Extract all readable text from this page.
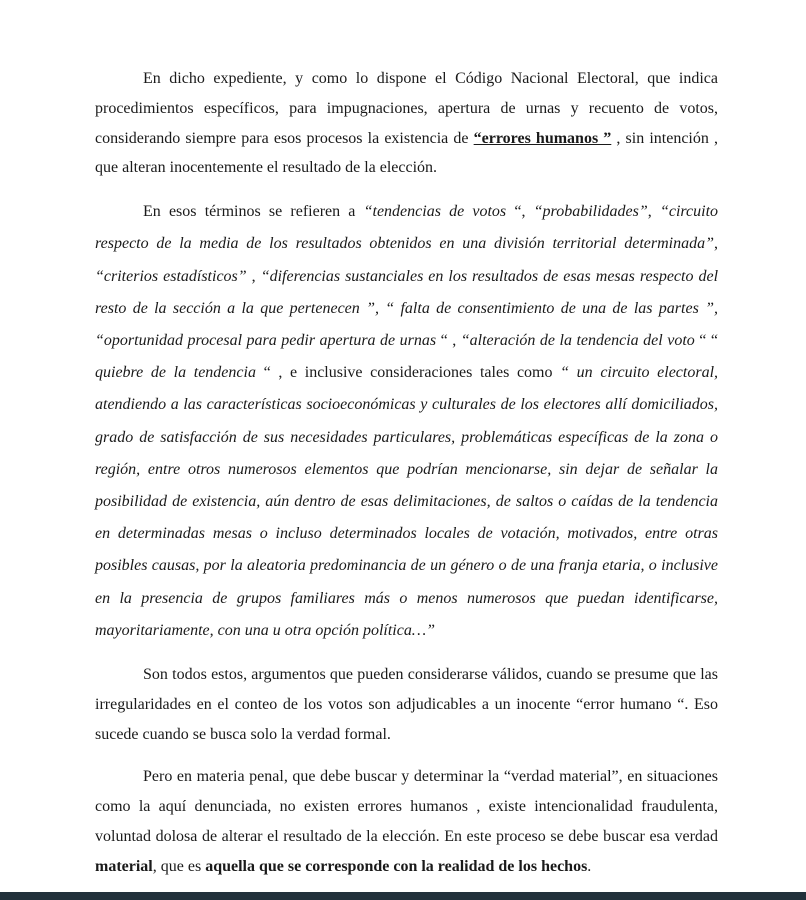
En dicho expediente, y como lo dispone el Código Nacional Electoral, que indica procedimientos específicos, para impugnaciones, apertura de urnas y recuento de votos, considerando siempre para esos procesos la existencia de “errores humanos ” , sin intención , que alteran inocentemente el resultado de la elección.

En esos términos se refieren a “tendencias de votos “, “probabilidades”, “circuito respecto de la media de los resultados obtenidos en una división territorial determinada”, “criterios estadísticos” , “diferencias sustanciales en los resultados de esas mesas respecto del resto de la sección a la que pertenecen ”, “ falta de consentimiento de una de las partes ”, “oportunidad procesal para pedir apertura de urnas “ , “alteración de la tendencia del voto “ “ quiebre de la tendencia “ , e inclusive consideraciones tales como “ un circuito electoral, atendiendo a las características socioeconómicas y culturales de los electores allí domiciliados, grado de satisfacción de sus necesidades particulares, problemáticas específicas de la zona o región, entre otros numerosos elementos que podrían mencionarse, sin dejar de señalar la posibilidad de existencia, aún dentro de esas delimitaciones, de saltos o caídas de la tendencia en determinadas mesas o incluso determinados locales de votación, motivados, entre otras posibles causas, por la aleatoria predominancia de un género o de una franja etaria, o inclusive en la presencia de grupos familiares más o menos numerosos que puedan identificarse, mayoritariamente, con una u otra opción política…”

Son todos estos, argumentos que pueden considerarse válidos, cuando se presume que las irregularidades en el conteo de los votos son adjudicables a un inocente “error humano “. Eso sucede cuando se busca solo la verdad formal.

Pero en materia penal, que debe buscar y determinar la “verdad material”, en situaciones como la aquí denunciada, no existen errores humanos , existe intencionalidad fraudulenta, voluntad dolosa de alterar el resultado de la elección. En este proceso se debe buscar esa verdad material, que es aquella que se corresponde con la realidad de los hechos.
